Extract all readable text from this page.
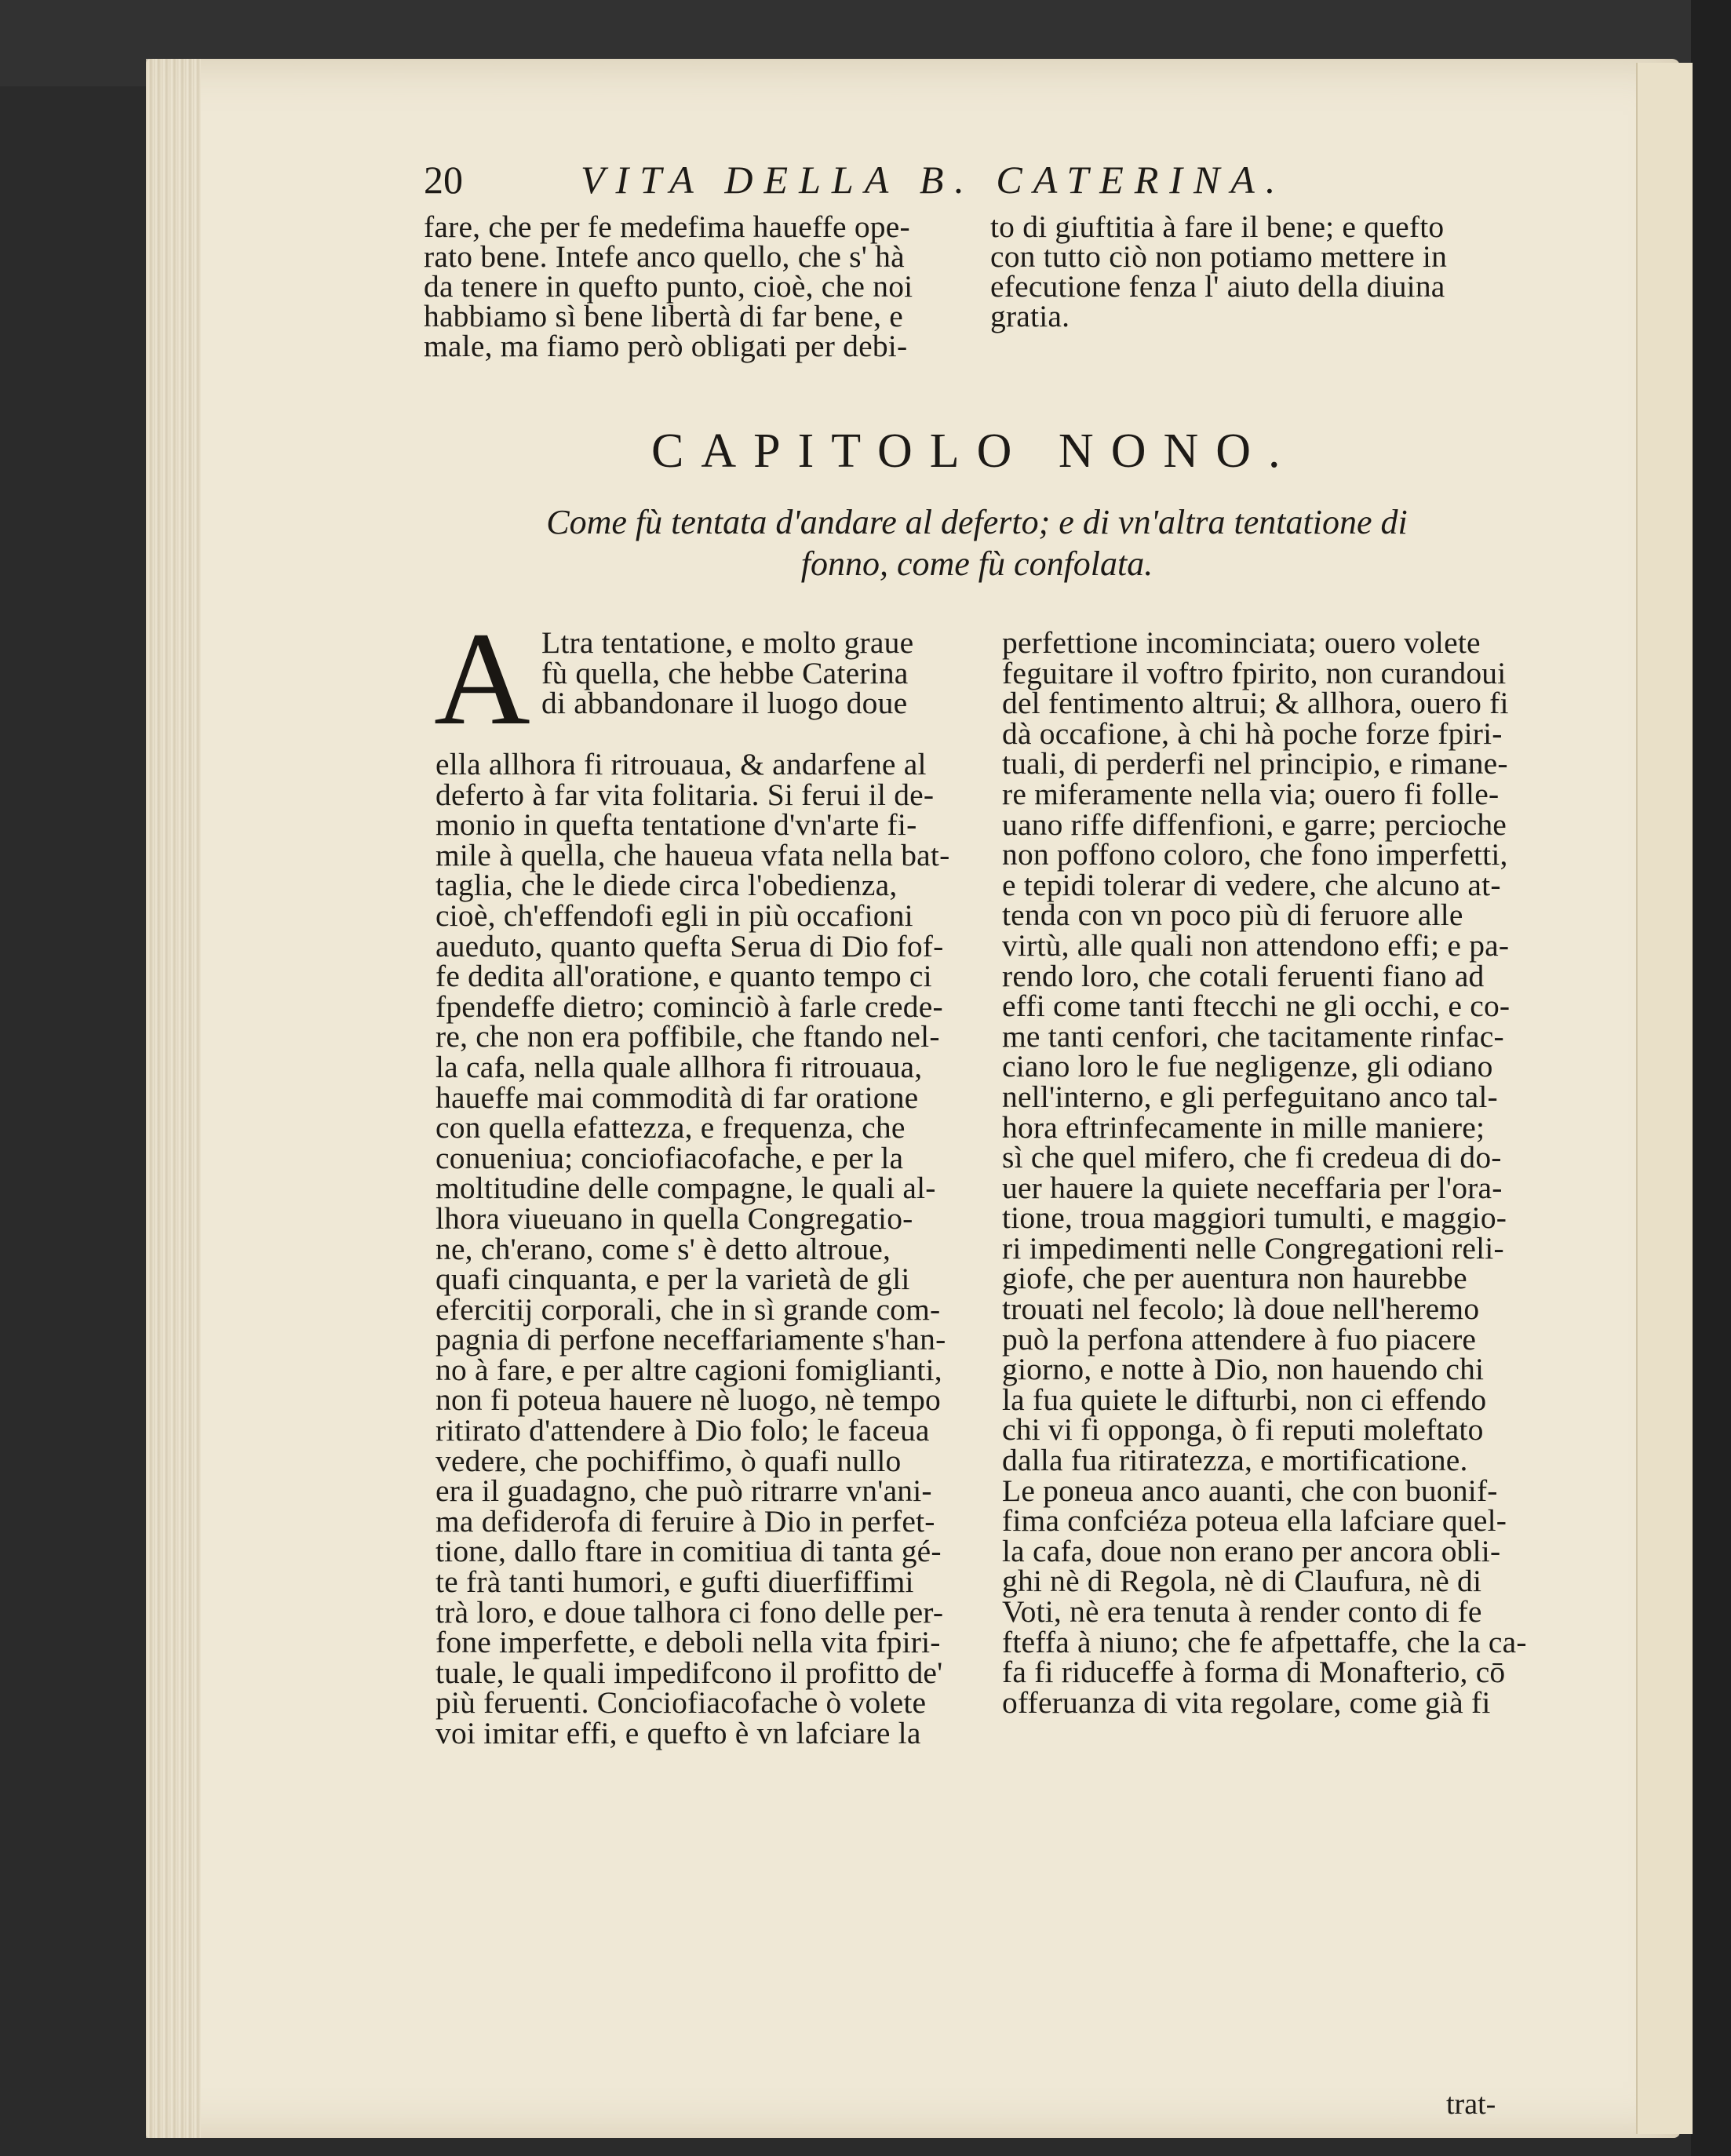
20	VITA DELLA B. CATERINA.
fare, che per fe medefima haueffe ope-
rato bene. Intefe anco quello, che s' hà
da tenere in quefto punto, cioè, che noi
habbiamo sì bene libertà di far bene, e
male, ma fiamo però obligati per debi-
to di giuftitia à fare il bene; e quefto
con tutto ciò non potiamo mettere in
efecutione fenza l' aiuto della diuina
gratia.
CAPITOLO NONO.
Come fù tentata d'andare al deferto; e di vn'altra tentatione di
fonno, come fù confolata.
A Ltra tentatione, e molto graue
fù quella, che hebbe Caterina
di abbandonare il luogo doue
ella allhora fi ritrouaua, & andarfene al
deferto à far vita folitaria. Si ferui il de-
monio in quefta tentatione d'vn'arte fi-
mile à quella, che haueua vfata nella bat-
taglia, che le diede circa l'obedienza,
cioè, ch'effendofi egli in più occafioni
aueduto, quanto quefta Serua di Dio fof-
fe dedita all'oratione, e quanto tempo ci
fpendeffe dietro; cominciò à farle crede-
re, che non era poffibile, che ftando nel-
la cafa, nella quale allhora fi ritrouaua,
haueffe mai commodità di far oratione
con quella efattezza, e frequenza, che
conueniua; conciofiacofache, e per la
moltitudine delle compagne, le quali al-
lhora viueuano in quella Congregatio-
ne, ch'erano, come s' è detto altroue,
quafi cinquanta, e per la varietà de gli
efercitij corporali, che in sì grande com-
pagnia di perfone neceffariamente s'han-
no à fare, e per altre cagioni fomiglianti,
non fi poteua hauere nè luogo, nè tempo
ritirato d'attendere à Dio folo; le faceua
vedere, che pochiffimo, ò quafi nullo
era il guadagno, che può ritrarre vn'ani-
ma defiderofa di feruire à Dio in perfet-
tione, dallo ftare in comitiua di tanta gé-
te frà tanti humori, e gufti diuerfiffimi
trà loro, e doue talhora ci fono delle per-
fone imperfette, e deboli nella vita fpiri-
tuale, le quali impedifcono il profitto de'
più feruenti. Conciofiacofache ò volete
voi imitar effi, e quefto è vn lafciare la
perfettione incominciata; ouero volete
feguitare il voftro fpirito, non curandoui
del fentimento altrui; & allhora, ouero fi
dà occafione, à chi hà poche forze fpiri-
tuali, di perderfi nel principio, e rimane-
re miferamente nella via; ouero fi folle-
uano riffe diffenfioni, e garre; percioche
non poffono coloro, che fono imperfetti,
e tepidi tolerar di vedere, che alcuno at-
tenda con vn poco più di feruore alle
virtù, alle quali non attendono effi; e pa-
rendo loro, che cotali feruenti fiano ad
effi come tanti ftecchi ne gli occhi, e co-
me tanti cenfori, che tacitamente rinfac-
ciano loro le fue negligenze, gli odiano
nell'interno, e gli perfeguitano anco tal-
hora eftrinfecamente in mille maniere;
sì che quel mifero, che fi credeua di do-
uer hauere la quiete neceffaria per l'ora-
tione, troua maggiori tumulti, e maggio-
ri impedimenti nelle Congregationi reli-
giofe, che per auentura non haurebbe
trouati nel fecolo; là doue nell'heremo
può la perfona attendere à fuo piacere
giorno, e notte à Dio, non hauendo chi
la fua quiete le difturbi, non ci effendo
chi vi fi opponga, ò fi reputi moleftato
dalla fua ritiratezza, e mortificatione.
Le poneua anco auanti, che con buonif-
fima confciéza poteua ella lafciare quel-
la cafa, doue non erano per ancora obli-
ghi nè di Regola, nè di Claufura, nè di
Voti, nè era tenuta à render conto di fe
fteffa à niuno; che fe afpettaffe, che la ca-
fa fi riduceffe à forma di Monafterio, cō
offeruanza di vita regolare, come già fi
trat-
